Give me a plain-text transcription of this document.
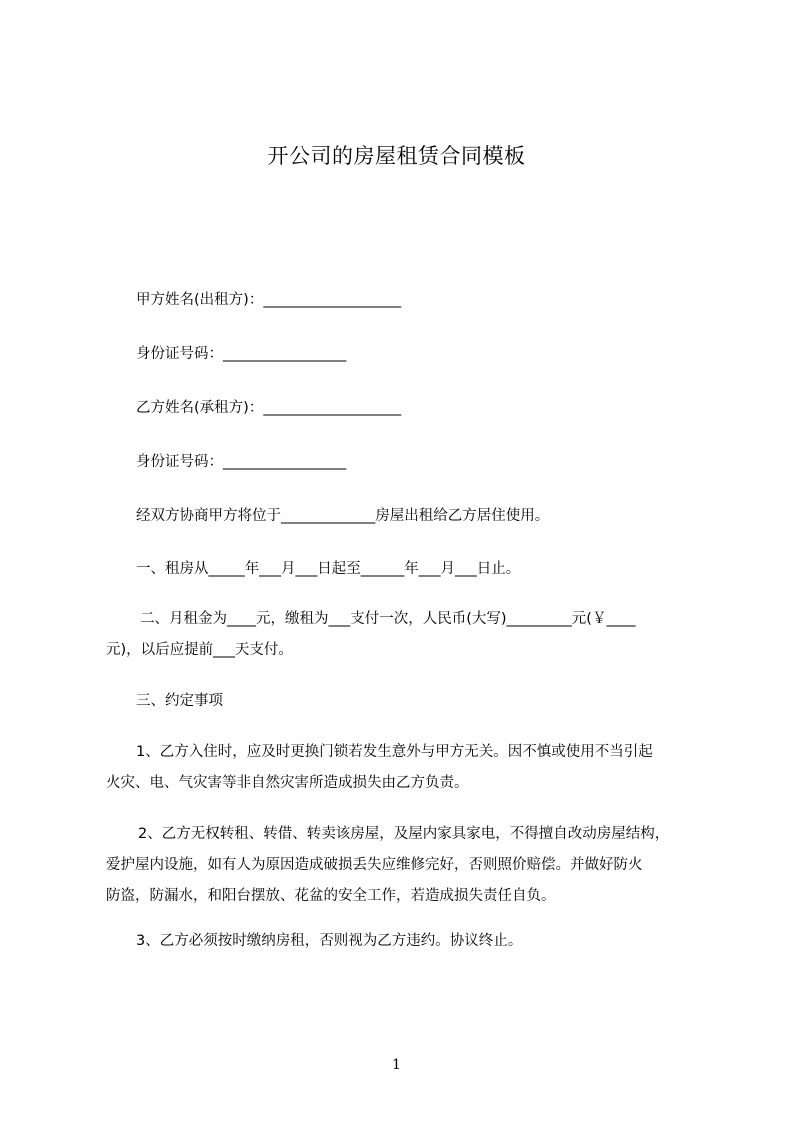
开公司的房屋租赁合同模板
甲方姓名(出租方)：___________________
身份证号码：_________________
乙方姓名(承租方)：___________________
身份证号码：_________________
经双方协商甲方将位于_____________房屋出租给乙方居住使用。
一、租房从_____年___月___日起至______年___月___日止。
二、月租金为____元，缴租为___支付一次，人民币(大写)_________元(￥____
元)，以后应提前___天支付。
三、约定事项
1、乙方入住时，应及时更换门锁若发生意外与甲方无关。因不慎或使用不当引起
火灾、电、气灾害等非自然灾害所造成损失由乙方负责。
2、乙方无权转租、转借、转卖该房屋，及屋内家具家电，不得擅自改动房屋结构，
爱护屋内设施，如有人为原因造成破损丢失应维修完好，否则照价赔偿。并做好防火
防盗，防漏水，和阳台摆放、花盆的安全工作，若造成损失责任自负。
3、乙方必须按时缴纳房租，否则视为乙方违约。协议终止。
1
